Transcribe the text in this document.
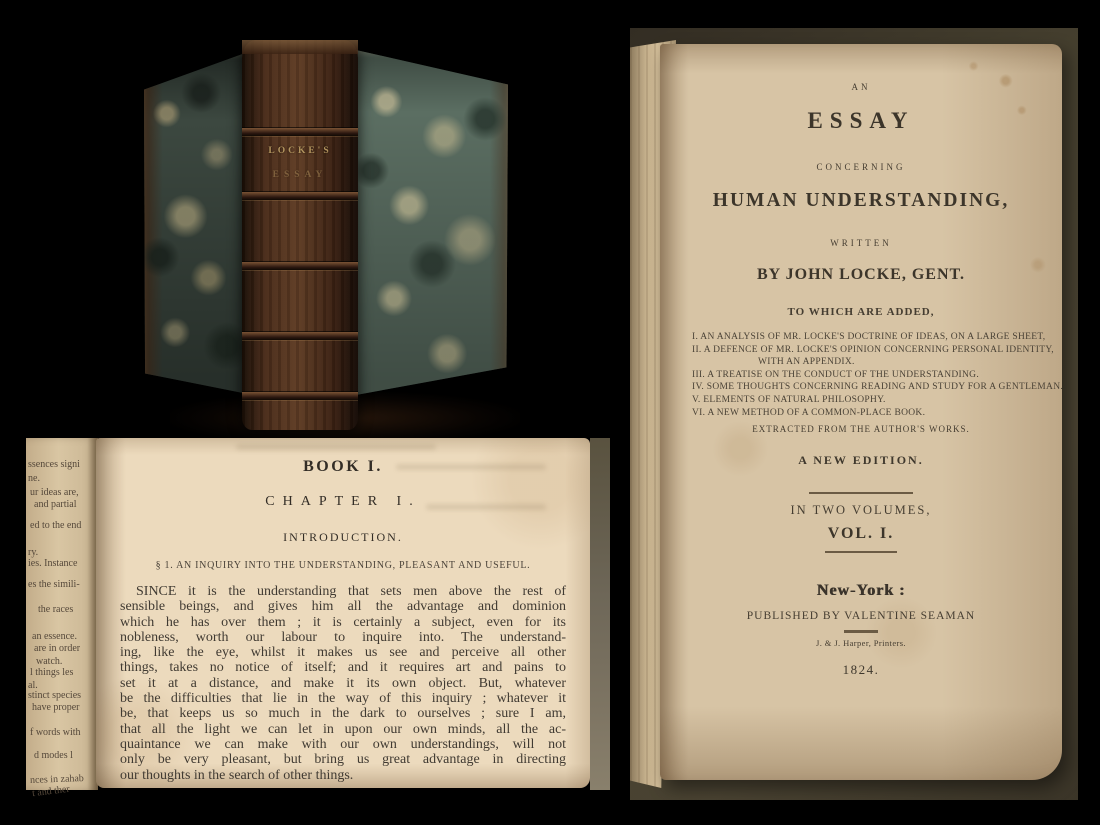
LOCKE'S
ESSAY
ssences signi
ne.
ur ideas are,
and partial
ed to the end
ry.
ies. Instance
es the simili-
the races
an essence.
are in order
watch.
l things les
al.
stinct species
have proper
f words with
d modes l
nces in zahab
t and ther
BOOK I.
CHAPTER I.
INTRODUCTION.
§ 1. AN INQUIRY INTO THE UNDERSTANDING, PLEASANT AND USEFUL.
SINCE it is the understanding that sets men above the rest of
sensible beings, and gives him all the advantage and dominion
which he has over them ; it is certainly a subject, even for its
nobleness, worth our labour to inquire into. The understand-
ing, like the eye, whilst it makes us see and perceive all other
things, takes no notice of itself; and it requires art and pains to
set it at a distance, and make it its own object. But, whatever
be the difficulties that lie in the way of this inquiry ; whatever it
be, that keeps us so much in the dark to ourselves ; sure I am,
that all the light we can let in upon our own minds, all the ac-
quaintance we can make with our own understandings, will not
only be very pleasant, but bring us great advantage in directing
our thoughts in the search of other things.
AN
ESSAY
CONCERNING
HUMAN UNDERSTANDING,
WRITTEN
BY JOHN LOCKE, GENT.
TO WHICH ARE ADDED,
I. AN ANALYSIS OF MR. LOCKE'S DOCTRINE OF IDEAS, ON A LARGE SHEET,
II. A DEFENCE OF MR. LOCKE'S OPINION CONCERNING PERSONAL IDENTITY,
WITH AN APPENDIX.
III. A TREATISE ON THE CONDUCT OF THE UNDERSTANDING.
IV. SOME THOUGHTS CONCERNING READING AND STUDY FOR A GENTLEMAN.
V. ELEMENTS OF NATURAL PHILOSOPHY.
VI. A NEW METHOD OF A COMMON-PLACE BOOK.
EXTRACTED FROM THE AUTHOR'S WORKS.
A NEW EDITION.
IN TWO VOLUMES,
VOL. I.
New-York :
PUBLISHED BY VALENTINE SEAMAN
J. & J. Harper, Printers.
1824.
